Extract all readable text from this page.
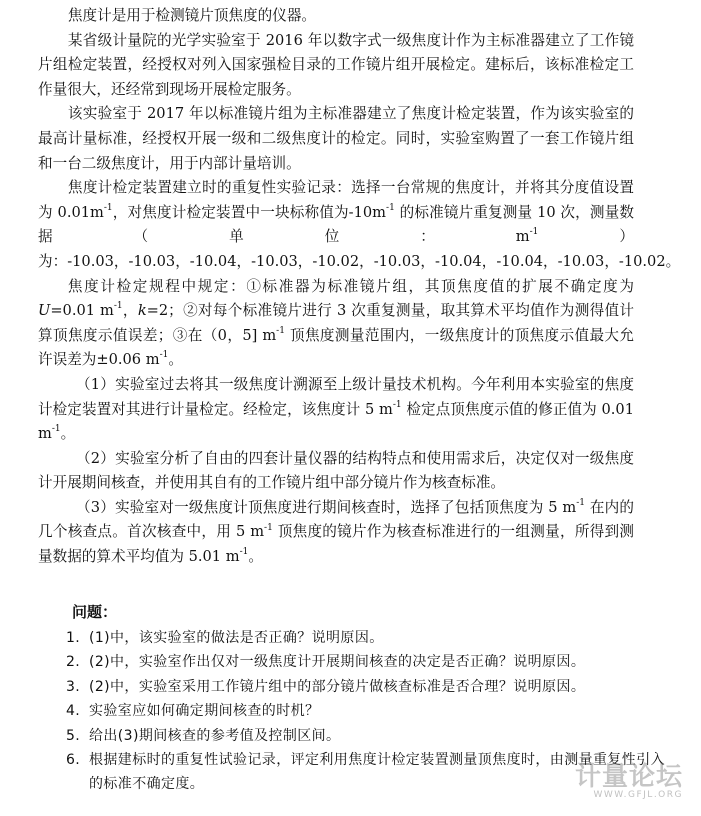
焦度计是用于检测镜片顶焦度的仪器。

某省级计量院的光学实验室于 2016 年以数字式一级焦度计作为主标准器建立了工作镜片组检定装置，经授权对列入国家强检目录的工作镜片组开展检定。建标后，该标准检定工作量很大，还经常到现场开展检定服务。

该实验室于 2017 年以标准镜片组为主标准器建立了焦度计检定装置，作为该实验室的最高计量标准，经授权开展一级和二级焦度计的检定。同时，实验室购置了一套工作镜片组和一台二级焦度计，用于内部计量培训。

焦度计检定装置建立时的重复性实验记录：选择一台常规的焦度计，并将其分度值设置为 $0.01m^{-1}$，对焦度计检定装置中一块标称值为$-10m^{-1}$ 的标准镜片重复测量 10 次，测量数据（单位：$m^{-1}$）为：-10.03，-10.03，-10.04，-10.03，-10.02，-10.03，-10.04，-10.04，-10.03，-10.02。

焦度计检定规程中规定：①标准器为标准镜片组，其顶焦度值的扩展不确定度为 U=0.01 $m^{-1}$，k=2；②对每个标准镜片进行 3 次重复测量，取其算术平均值作为测得值计算顶焦度示值误差；③在（0，5] $m^{-1}$ 顶焦度测量范围内，一级焦度计的顶焦度示值最大允许误差为±0.06 $m^{-1}$。

（1）实验室过去将其一级焦度计溯源至上级计量技术机构。今年利用本实验室的焦度计检定装置对其进行计量检定。经检定，该焦度计 5 $m^{-1}$ 检定点顶焦度示值的修正值为 0.01 $m^{-1}$。

（2）实验室分析了自由的四套计量仪器的结构特点和使用需求后，决定仅对一级焦度计开展期间核查，并使用其自有的工作镜片组中部分镜片作为核查标准。

（3）实验室对一级焦度计顶焦度进行期间核查时，选择了包括顶焦度为 5 $m^{-1}$ 在内的几个核查点。首次核查中，用 5 $m^{-1}$ 顶焦度的镜片作为核查标准进行的一组测量，所得到测量数据的算术平均值为 5.01 $m^{-1}$。

问题：
1. (1)中，该实验室的做法是否正确？说明原因。
2. (2)中，实验室作出仅对一级焦度计开展期间核查的决定是否正确？说明原因。
3. (2)中，实验室采用工作镜片组中的部分镜片做核查标准是否合理？说明原因。
4. 实验室应如何确定期间核查的时机？
5. 给出(3)期间核查的参考值及控制区间。
6. 根据建标时的重复性试验记录，评定利用焦度计检定装置测量顶焦度时，由测量重复性引入的标准不确定度。	计量论坛
WWW.GFJL.ORG
